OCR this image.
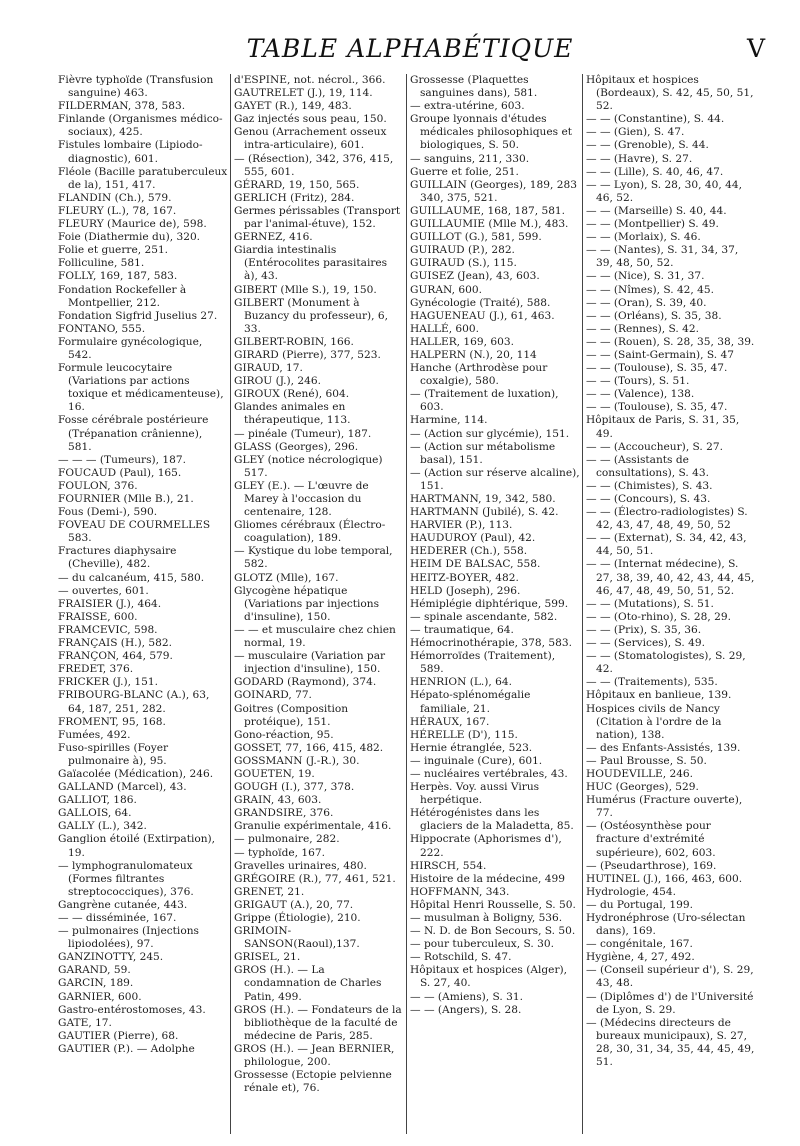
TABLE ALPHABÉTIQUE	V

Fièvre typhoïde (Transfusion sanguine) 463.

FILDERMAN, 378, 583.

Finlande (Organismes médico-sociaux), 425.

Fistules lombaire (Lipiodo-diagnostic), 601.

Fléole (Bacille paratuberculeux de la), 151, 417.

FLANDIN (Ch.), 579.

FLEURY (L.), 78, 167.

FLEURY (Maurice de), 598.

Foie (Diathermie du), 320.

Folie et guerre, 251.

Folliculine, 581.

FOLLY, 169, 187, 583.

Fondation Rockefeller à Montpellier, 212.

Fondation Sigfrid Juselius 27.

FONTANO, 555.

Formulaire gynécologique, 542.

Formule leucocytaire (Variations par actions toxique et médicamenteuse), 16.

Fosse cérébrale postérieure (Trépanation crânienne), 581.

— — — (Tumeurs), 187.

FOUCAUD (Paul), 165.

FOULON, 376.

FOURNIER (Mlle B.), 21.

Fous (Demi-), 590.

FOVEAU DE COURMELLES 583.

Fractures diaphysaire (Cheville), 482.

— du calcanéum, 415, 580.

— ouvertes, 601.

FRAISIER (J.), 464.

FRAISSE, 600.

FRAMCEVIC, 598.

FRANÇAIS (H.), 582.

FRANÇON, 464, 579.

FREDET, 376.

FRICKER (J.), 151.

FRIBOURG-BLANC (A.), 63, 64, 187, 251, 282.

FROMENT, 95, 168.

Fumées, 492.

Fuso-spirilles (Foyer pulmonaire à), 95.

Gaïacolée (Médication), 246.

GALLAND (Marcel), 43.

GALLIOT, 186.

GALLOIS, 64.

GALLY (L.), 342.

Ganglion étoilé (Extirpation), 19.

— lymphogranulomateux (Formes filtrantes streptococciques), 376.

Gangrène cutanée, 443.

— — disséminée, 167.

— pulmonaires (Injections lipiodolées), 97.

GANZINOTTY, 245.

GARAND, 59.

GARCIN, 189.

GARNIER, 600.

Gastro-entérostomoses, 43.

GATE, 17.

GAUTIER (Pierre), 68.

GAUTIER (P.). — Adolphe

d'ESPINE, not. nécrol., 366.

GAUTRELET (J.), 19, 114.

GAYET (R.), 149, 483.

Gaz injectés sous peau, 150.

Genou (Arrachement osseux intra-articulaire), 601.

— (Résection), 342, 376, 415, 555, 601.

GÉRARD, 19, 150, 565.

GERLICH (Fritz), 284.

Germes périssables (Transport par l'animal-étuve), 152.

GERNEZ, 416.

Giardia intestinalis (Entérocolites parasitaires à), 43.

GIBERT (Mlle S.), 19, 150.

GILBERT (Monument à Buzancy du professeur), 6, 33.

GILBERT-ROBIN, 166.

GIRARD (Pierre), 377, 523.

GIRAUD, 17.

GIROU (J.), 246.

GIROUX (René), 604.

Glandes animales en thérapeutique, 113.

— pinéale (Tumeur), 187.

GLASS (Georges), 296.

GLEY (notice nécrologique) 517.

GLEY (E.). — L'œuvre de Marey à l'occasion du centenaire, 128.

Gliomes cérébraux (Électro-coagulation), 189.

— Kystique du lobe temporal, 582.

GLOTZ (Mlle), 167.

Glycogène hépatique (Variations par injections d'insuline), 150.

— — et musculaire chez chien normal, 19.

— musculaire (Variation par injection d'insuline), 150.

GODARD (Raymond), 374.

GOINARD, 77.

Goitres (Composition protéique), 151.

Gono-réaction, 95.

GOSSET, 77, 166, 415, 482.

GOSSMANN (J.-R.), 30.

GOUETEN, 19.

GOUGH (I.), 377, 378.

GRAIN, 43, 603.

GRANDSIRE, 376.

Granulie expérimentale, 416.

— pulmonaire, 282.

— typhoïde, 167.

Gravelles urinaires, 480.

GRÉGOIRE (R.), 77, 461, 521.

GRENET, 21.

GRIGAUT (A.), 20, 77.

Grippe (Étiologie), 210.

GRIMOIN-SANSON(Raoul),137.

GRISEL, 21.

GROS (H.). — La condamnation de Charles Patin, 499.

GROS (H.). — Fondateurs de la bibliothèque de la faculté de médecine de Paris, 285.

GROS (H.). — Jean BERNIER, philologue, 200.

Grossesse (Ectopie pelvienne rénale et), 76.

Grossesse (Plaquettes sanguines dans), 581.

— extra-utérine, 603.

Groupe lyonnais d'études médicales philosophiques et biologiques, S. 50.

— sanguins, 211, 330.

Guerre et folie, 251.

GUILLAIN (Georges), 189, 283 340, 375, 521.

GUILLAUME, 168, 187, 581.

GUILLAUMIE (Mlle M.), 483.

GUILLOT (G.), 581, 599.

GUIRAUD (P.), 282.

GUIRAUD (S.), 115.

GUISEZ (Jean), 43, 603.

GURAN, 600.

Gynécologie (Traité), 588.

HAGUENEAU (J.), 61, 463.

HALLÉ, 600.

HALLER, 169, 603.

HALPERN (N.), 20, 114

Hanche (Arthrodèse pour coxalgie), 580.

— (Traitement de luxation), 603.

Harmine, 114.

— (Action sur glycémie), 151.

— (Action sur métabolisme basal), 151.

— (Action sur réserve alcaline), 151.

HARTMANN, 19, 342, 580.

HARTMANN (Jubilé), S. 42.

HARVIER (P.), 113.

HAUDUROY (Paul), 42.

HEDERER (Ch.), 558.

HEIM DE BALSAC, 558.

HEITZ-BOYER, 482.

HELD (Joseph), 296.

Hémiplégie diphtérique, 599.

— spinale ascendante, 582.

— traumatique, 64.

Hémocrinothérapie, 378, 583.

Hémorroïdes (Traitement), 589.

HENRION (L.), 64.

Hépato-splénomégalie familiale, 21.

HÉRAUX, 167.

HÉRELLE (D'), 115.

Hernie étranglée, 523.

— inguinale (Cure), 601.

— nucléaires vertébrales, 43.

Herpès. Voy. aussi Virus herpétique.

Hétérogénistes dans les glaciers de la Maladetta, 85.

Hippocrate (Aphorismes d'), 222.

HIRSCH, 554.

Histoire de la médecine, 499

HOFFMANN, 343.

Hôpital Henri Rousselle, S. 50.

— musulman à Boligny, 536.

— N. D. de Bon Secours, S. 50.

— pour tuberculeux, S. 30.

— Rotschild, S. 47.

Hôpitaux et hospices (Alger), S. 27, 40.

— — (Amiens), S. 31.

— — (Angers), S. 28.

Hôpitaux et hospices (Bordeaux), S. 42, 45, 50, 51, 52.

— — (Constantine), S. 44.

— — (Gien), S. 47.

— — (Grenoble), S. 44.

— — (Havre), S. 27.

— — (Lille), S. 40, 46, 47.

— — Lyon), S. 28, 30, 40, 44, 46, 52.

— — (Marseille) S. 40, 44.

— — (Montpellier) S. 49.

— — (Morlaix), S. 46.

— — (Nantes), S. 31, 34, 37, 39, 48, 50, 52.

— — (Nice), S. 31, 37.

— — (Nîmes), S. 42, 45.

— — (Oran), S. 39, 40.

— — (Orléans), S. 35, 38.

— — (Rennes), S. 42.

— — (Rouen), S. 28, 35, 38, 39.

— — (Saint-Germain), S. 47

— — (Toulouse), S. 35, 47.

— — (Tours), S. 51.

— — (Valence), 138.

— — (Toulouse), S. 35, 47.

Hôpitaux de Paris, S. 31, 35, 49.

— — (Accoucheur), S. 27.

— — (Assistants de consultations), S. 43.

— — (Chimistes), S. 43.

— — (Concours), S. 43.

— — (Électro-radiologistes) S. 42, 43, 47, 48, 49, 50, 52

— — (Externat), S. 34, 42, 43, 44, 50, 51.

— — (Internat médecine), S. 27, 38, 39, 40, 42, 43, 44, 45, 46, 47, 48, 49, 50, 51, 52.

— — (Mutations), S. 51.

— — (Oto-rhino), S. 28, 29.

— — (Prix), S. 35, 36.

— — (Services), S. 49.

— — (Stomatologistes), S. 29, 42.

— — (Traitements), 535.

Hôpitaux en banlieue, 139.

Hospices civils de Nancy (Citation à l'ordre de la nation), 138.

— des Enfants-Assistés, 139.

— Paul Brousse, S. 50.

HOUDEVILLE, 246.

HUC (Georges), 529.

Humérus (Fracture ouverte), 77.

— (Ostéosynthèse pour fracture d'extrémité supérieure), 602, 603.

— (Pseudarthrose), 169.

HUTINEL (J.), 166, 463, 600.

Hydrologie, 454.

— du Portugal, 199.

Hydronéphrose (Uro-sélectan dans), 169.

— congénitale, 167.

Hygiène, 4, 27, 492.

— (Conseil supérieur d'), S. 29, 43, 48.

— (Diplômes d') de l'Université de Lyon, S. 29.

— (Médecins directeurs de bureaux municipaux), S. 27, 28, 30, 31, 34, 35, 44, 45, 49, 51.
